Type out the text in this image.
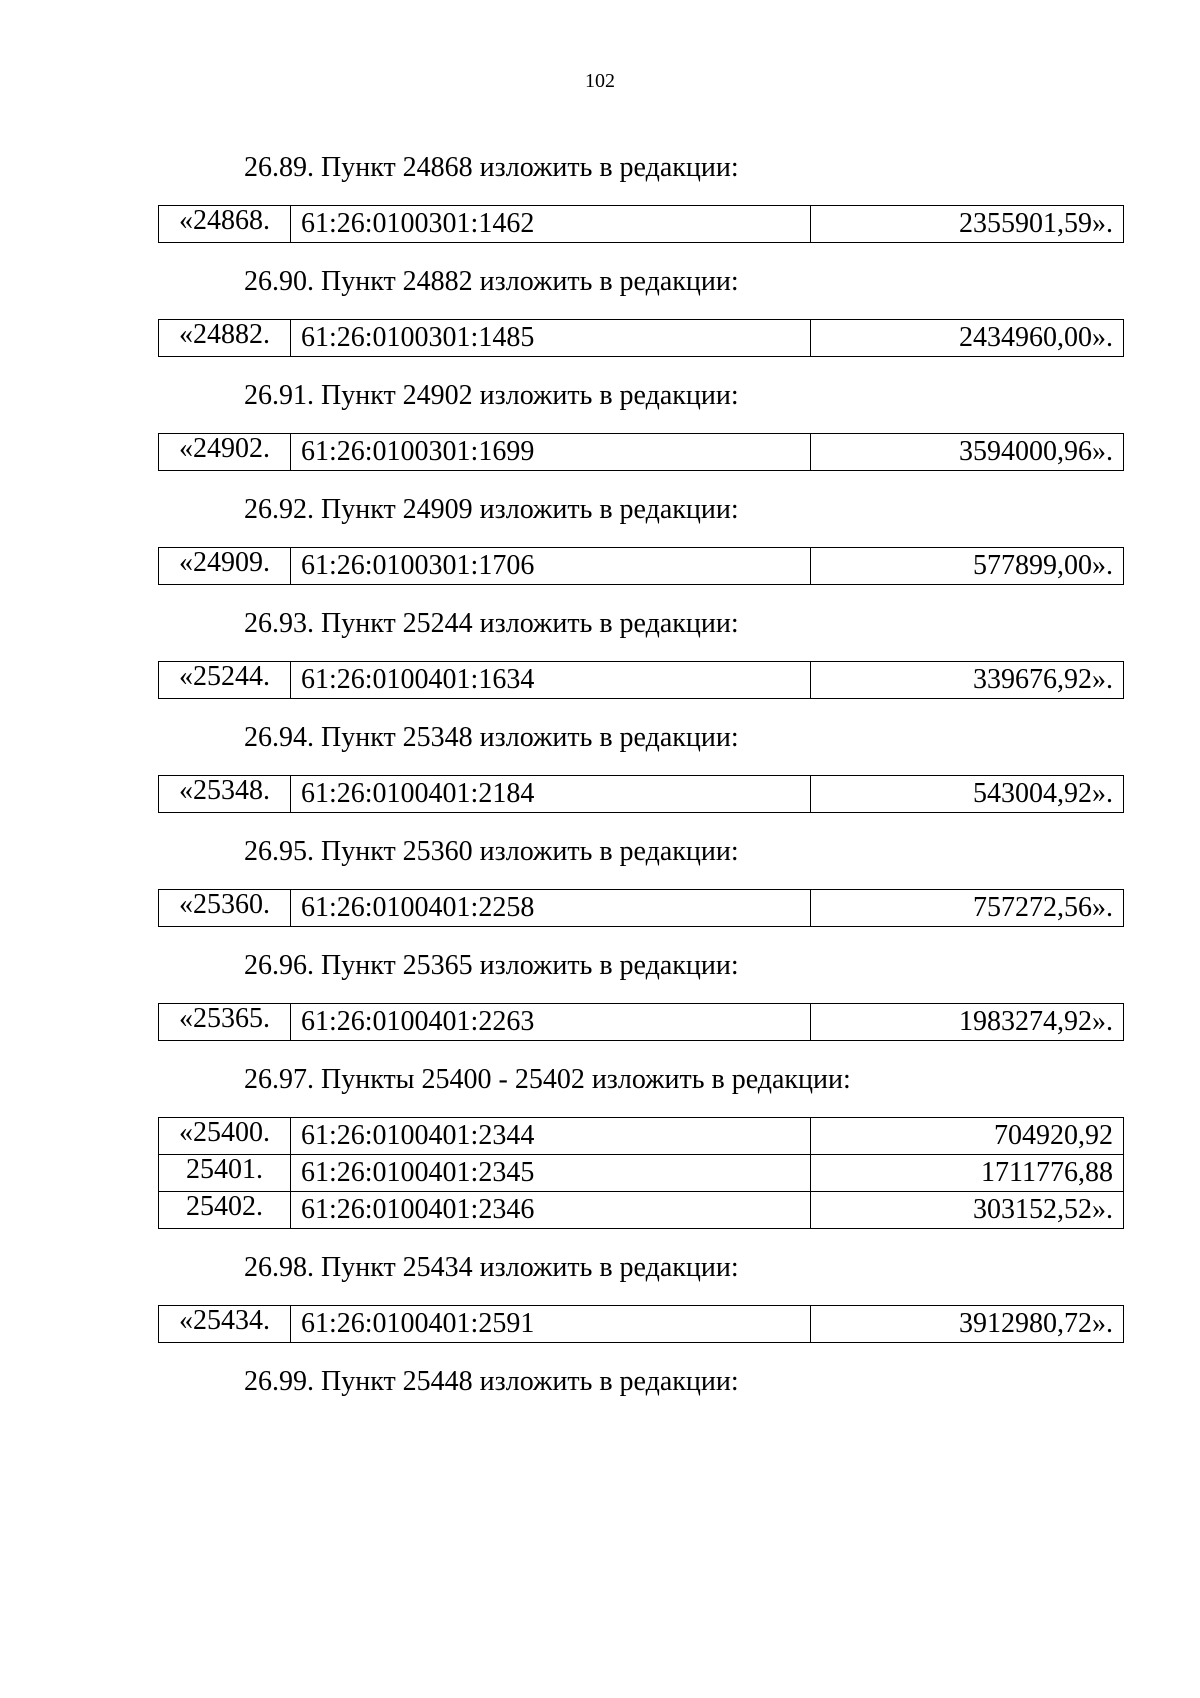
102
26.89. Пункт 24868 изложить в редакции:
«24868.	61:26:0100301:1462	2355901,59».
26.90. Пункт 24882 изложить в редакции:
«24882.	61:26:0100301:1485	2434960,00».
26.91. Пункт 24902 изложить в редакции:
«24902.	61:26:0100301:1699	3594000,96».
26.92. Пункт 24909 изложить в редакции:
«24909.	61:26:0100301:1706	577899,00».
26.93. Пункт 25244 изложить в редакции:
«25244.	61:26:0100401:1634	339676,92».
26.94. Пункт 25348 изложить в редакции:
«25348.	61:26:0100401:2184	543004,92».
26.95. Пункт 25360 изложить в редакции:
«25360.	61:26:0100401:2258	757272,56».
26.96. Пункт 25365 изложить в редакции:
«25365.	61:26:0100401:2263	1983274,92».
26.97. Пункты 25400 - 25402 изложить в редакции:
«25400.	61:26:0100401:2344	704920,92
25401.	61:26:0100401:2345	1711776,88
25402.	61:26:0100401:2346	303152,52».
26.98. Пункт 25434 изложить в редакции:
«25434.	61:26:0100401:2591	3912980,72».
26.99. Пункт 25448 изложить в редакции:
